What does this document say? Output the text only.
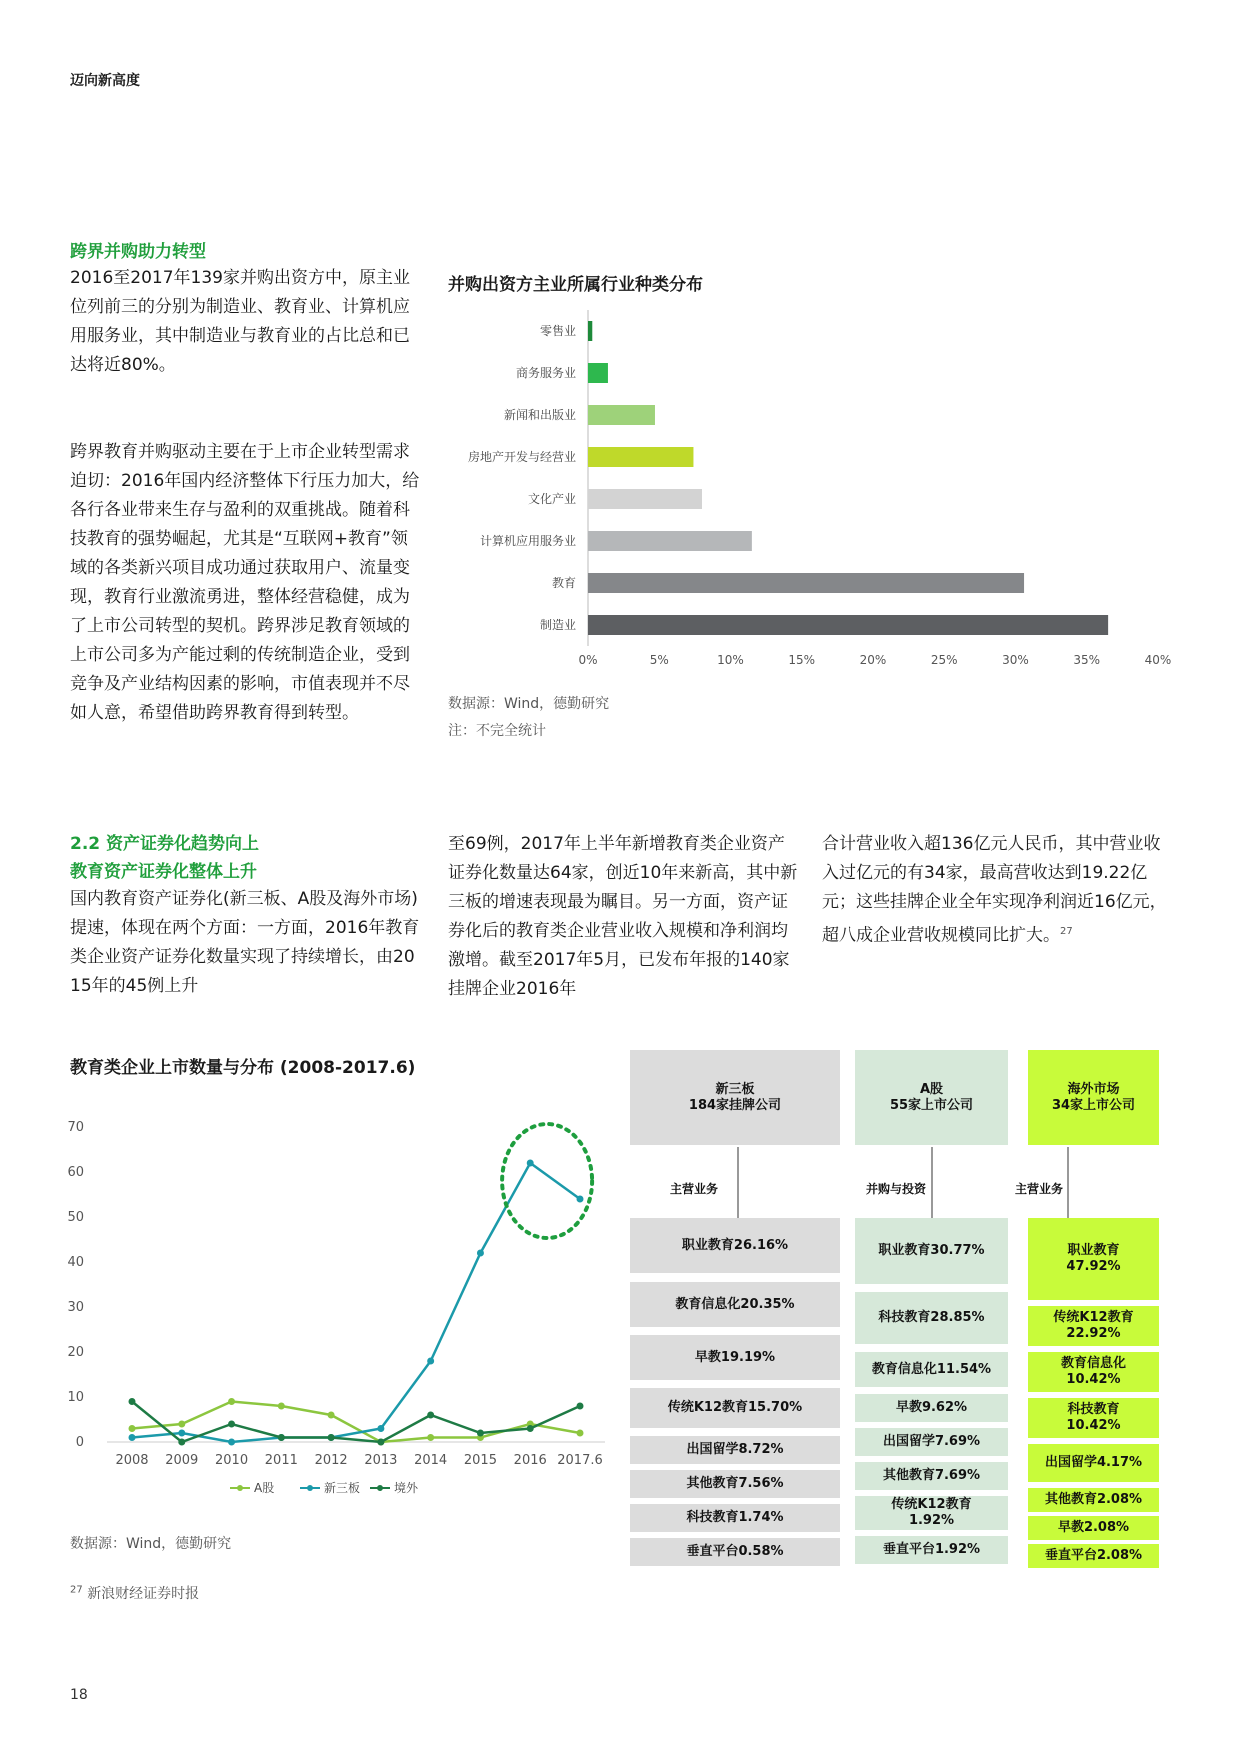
迈向新高度
跨界并购助力转型
2016至2017年139家并购出资方中，原主业位列前三的分别为制造业、教育业、计算机应用服务业，其中制造业与教育业的占比总和已达将近80%。
跨界教育并购驱动主要在于上市企业转型需求迫切：2016年国内经济整体下行压力加大，给各行各业带来生存与盈利的双重挑战。随着科技教育的强势崛起，尤其是“互联网+教育”领域的各类新兴项目成功通过获取用户、流量变现，教育行业激流勇进，整体经营稳健，成为了上市公司转型的契机。跨界涉足教育领域的上市公司多为产能过剩的传统制造企业，受到竞争及产业结构因素的影响，市值表现并不尽如人意，希望借助跨界教育得到转型。
并购出资方主业所属行业种类分布
零售业
商务服务业
新闻和出版业
房地产开发与经营业
文化产业
计算机应用服务业
教育
制造业
0%	5%	10%	15%	20%	25%	30%	35%	40%
数据源：Wind，德勤研究
注：不完全统计
2.2 资产证券化趋势向上
教育资产证券化整体上升
国内教育资产证券化(新三板、A股及海外市场)提速，体现在两个方面：一方面，2016年教育类企业资产证券化数量实现了持续增长，由2015年的45例上升
至69例，2017年上半年新增教育类企业资产证券化数量达64家，创近10年来新高，其中新三板的增速表现最为瞩目。另一方面，资产证券化后的教育类企业营业收入规模和净利润均激增。截至2017年5月，已发布年报的140家挂牌企业2016年
合计营业收入超136亿元人民币，其中营业收入过亿元的有34家，最高营收达到19.22亿元；这些挂牌企业全年实现净利润近16亿元，超八成企业营收规模同比扩大。$^{27}$
教育类企业上市数量与分布 (2008-2017.6)
0
10
20
30
40
50
60
70
2008 2009 2010 2011 2012 2013 2014 2015 2016 2017.6
A股	新三板	境外
数据源：Wind，德勤研究
新三板
184家挂牌公司
A股
55家上市公司
海外市场
34家上市公司
主营业务	并购与投资	主营业务
职业教育26.16%
教育信息化20.35%
早教19.19%
传统K12教育15.70%
出国留学8.72%
其他教育7.56%
科技教育1.74%
垂直平台0.58%
职业教育30.77%
科技教育28.85%
教育信息化11.54%
早教9.62%
出国留学7.69%
其他教育7.69%
传统K12教育
1.92%
垂直平台1.92%
职业教育
47.92%
传统K12教育
22.92%
教育信息化
10.42%
科技教育
10.42%
出国留学4.17%
其他教育2.08%
早教2.08%
垂直平台2.08%
$^{27}$ 新浪财经证券时报
18
